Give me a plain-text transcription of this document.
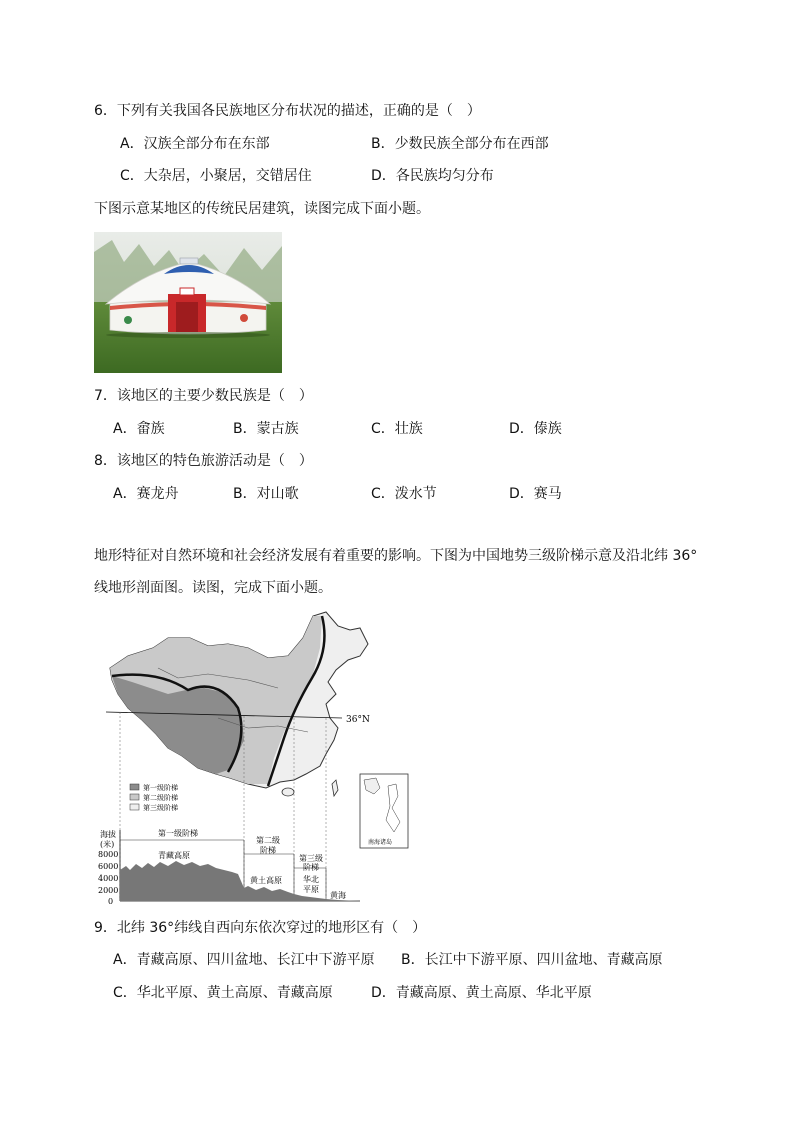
6．下列有关我国各民族地区分布状况的描述，正确的是（　）
A．汉族全部分布在东部	B．少数民族全部分布在西部
C．大杂居，小聚居，交错居住	D．各民族均匀分布
下图示意某地区的传统民居建筑，读图完成下面小题。
7．该地区的主要少数民族是（　）
A．畲族	B．蒙古族	C．壮族	D．傣族
8．该地区的特色旅游活动是（　）
A．赛龙舟	B．对山歌	C．泼水节	D．赛马
地形特征对自然环境和社会经济发展有着重要的影响。下图为中国地势三级阶梯示意及沿北纬 36°
线地形剖面图。读图，完成下面小题。
36°N
第一级阶梯
第二级阶梯
第三级阶梯
南海诸岛
海拔
(米)
8000
6000
4000
2000
0
第一级阶梯
第二级
阶梯
第三级
阶梯
青藏高原
黄土高原	华北
平原
黄海
9．北纬 36°纬线自西向东依次穿过的地形区有（　）
A．青藏高原、四川盆地、长江中下游平原 B．长江中下游平原、四川盆地、青藏高原
C．华北平原、黄土高原、青藏高原	D．青藏高原、黄土高原、华北平原
